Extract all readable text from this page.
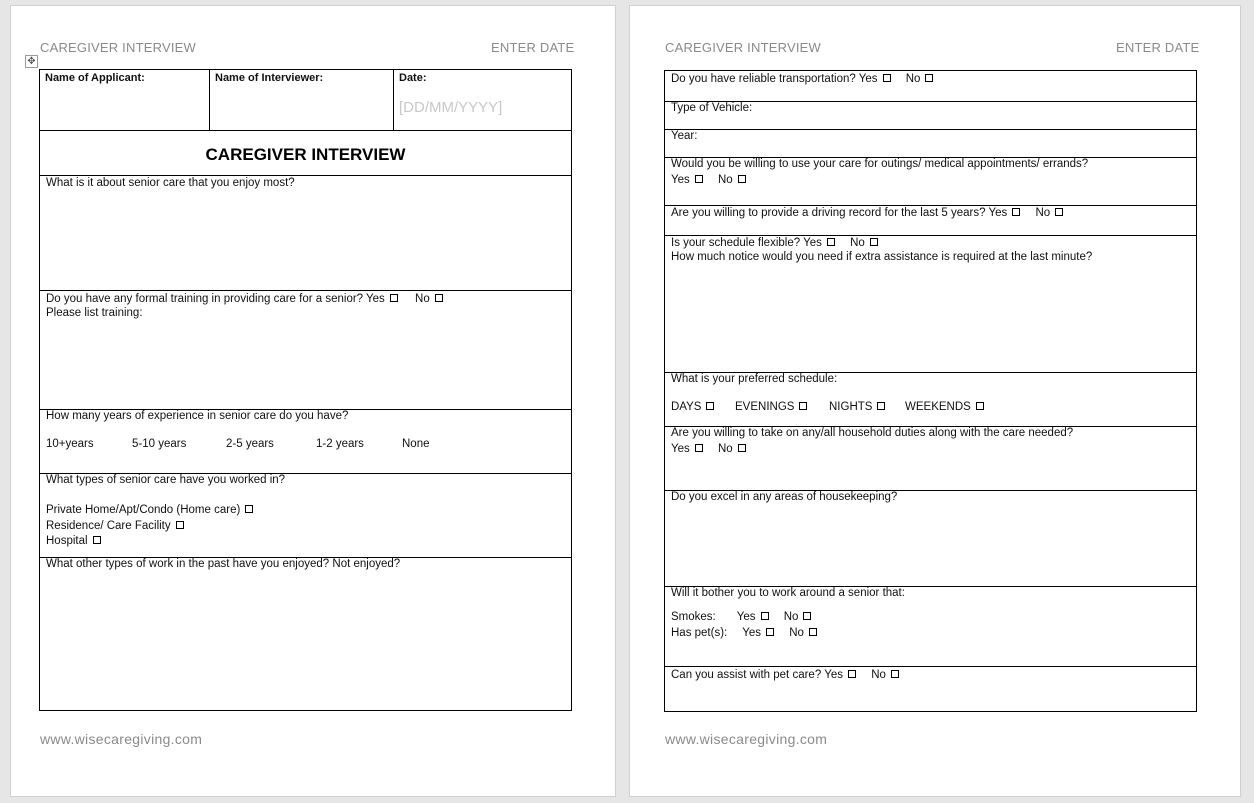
CAREGIVER INTERVIEW	ENTER DATE
✥
Name of Applicant:	Name of Interviewer:	Date:
[DD/MM/YYYY]
CAREGIVER INTERVIEW
What is it about senior care that you enjoy most?
Do you have any formal training in providing care for a senior? Yes	No
Please list training:
How many years of experience in senior care do you have?
10+years	5-10 years	2-5 years	1-2 years	None
What types of senior care have you worked in?
Private Home/Apt/Condo (Home care)
Residence/ Care Facility
Hospital
What other types of work in the past have you enjoyed? Not enjoyed?
www.wisecaregiving.com
CAREGIVER INTERVIEW	ENTER DATE
Do you have reliable transportation? Yes No
Type of Vehicle:
Year:
Would you be willing to use your care for outings/ medical appointments/ errands?
Yes No
Are you willing to provide a driving record for the last 5 years? Yes No
Is your schedule flexible? Yes No
How much notice would you need if extra assistance is required at the last minute?
What is your preferred schedule:
DAYS	EVENINGS	NIGHTS	WEEKENDS
Are you willing to take on any/all household duties along with the care needed?
Yes No
Do you excel in any areas of housekeeping?
Will it bother you to work around a senior that:
Smokes: Yes No
Has pet(s): Yes No
Can you assist with pet care? Yes No
www.wisecaregiving.com
